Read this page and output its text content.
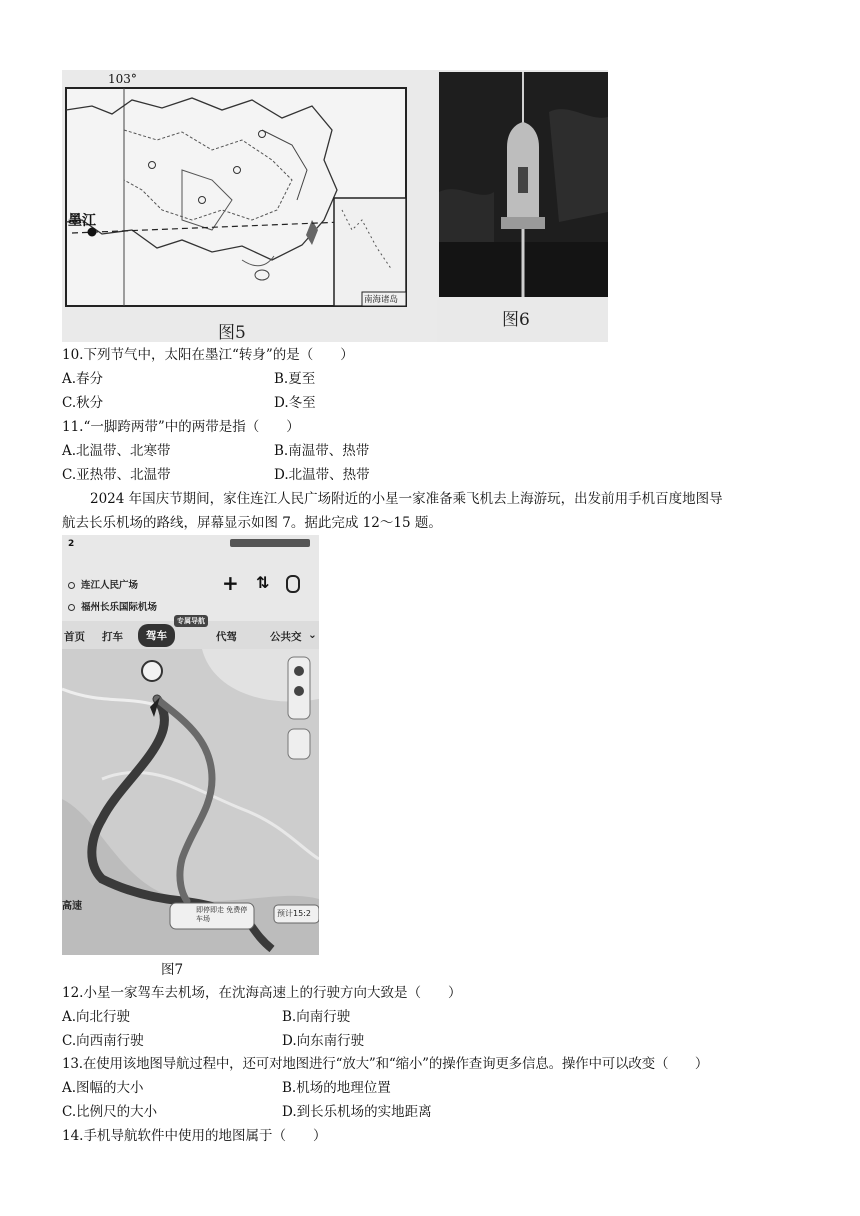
103°
墨江
南海诸岛
图5
图6
10.下列节气中，太阳在墨江“转身”的是（　　）
A.春分	B.夏至
C.秋分	D.冬至
11.“一脚跨两带”中的两带是指（　　）
A.北温带、北寒带	B.南温带、热带
C.亚热带、北温带	D.北温带、热带
2024 年国庆节期间，家住连江人民广场附近的小星一家准备乘飞机去上海游玩，出发前用手机百度地图导
航去长乐机场的路线，屏幕显示如图 7。据此完成 12～15 题。
2
连江人民广场
福州长乐国际机场
+ ⇅
首页 打车	驾车
专属导航
代驾	公共交 ⌄
高速	即停即走 免费停车场
预计15:2
图7
12.小星一家驾车去机场，在沈海高速上的行驶方向大致是（　　）
A.向北行驶	B.向南行驶
C.向西南行驶	D.向东南行驶
13.在使用该地图导航过程中，还可对地图进行“放大”和“缩小”的操作查询更多信息。操作中可以改变（　　）
A.图幅的大小	B.机场的地理位置
C.比例尺的大小	D.到长乐机场的实地距离
14.手机导航软件中使用的地图属于（　　）
